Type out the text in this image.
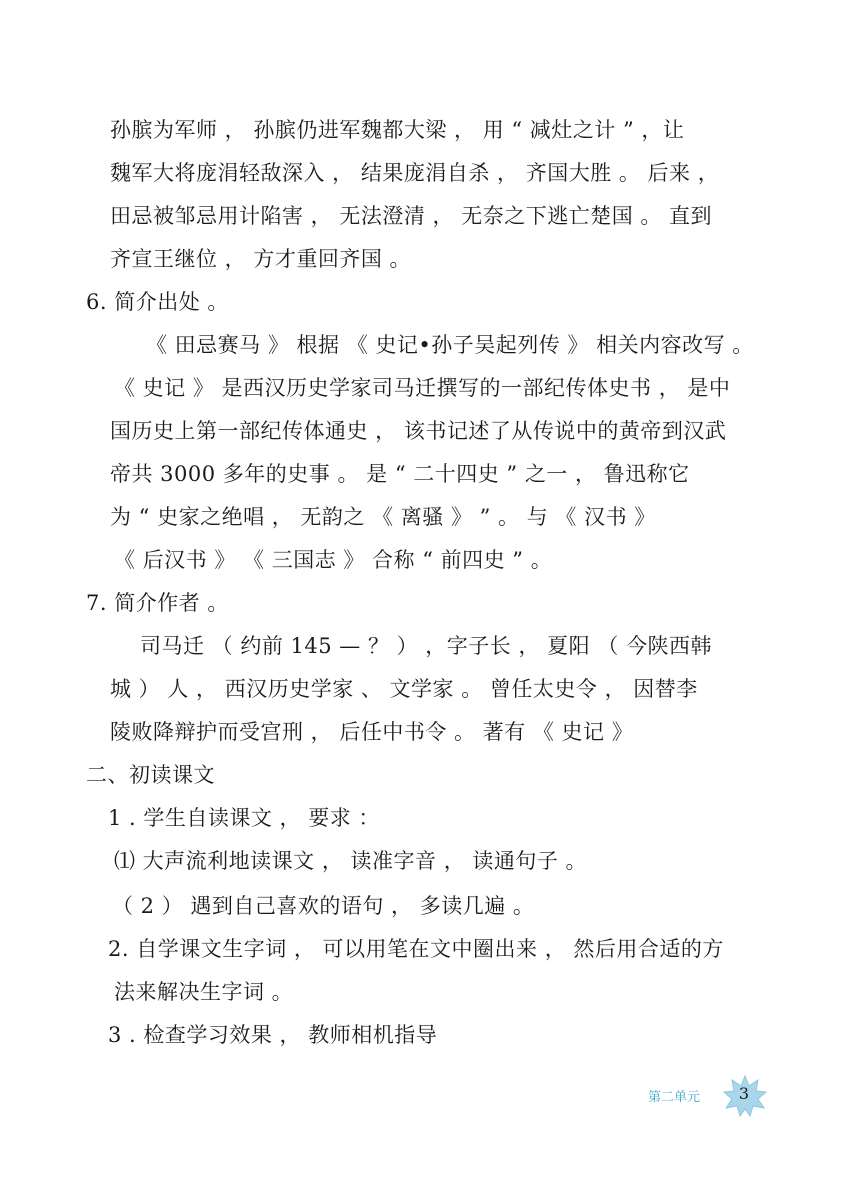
孙膑为军师 ， 孙膑仍进军魏都大梁 ， 用 “ 减灶之计 ” ，让
魏军大将庞涓轻敌深入 ， 结果庞涓自杀 ， 齐国大胜 。 后来 ，
田忌被邹忌用计陷害 ， 无法澄清 ， 无奈之下逃亡楚国 。 直到
齐宣王继位 ， 方才重回齐国 。
6. 简介出处 。
《 田忌赛马 》 根据 《 史记•孙子吴起列传 》 相关内容改写 。
《 史记 》 是西汉历史学家司马迁撰写的一部纪传体史书 ， 是中
国历史上第一部纪传体通史 ， 该书记述了从传说中的黄帝到汉武
帝共 3000 多年的史事 。 是 “ 二十四史 ” 之一 ， 鲁迅称它
为 “ 史家之绝唱 ， 无韵之 《 离骚 》 ” 。 与 《 汉书 》
《 后汉书 》 《 三国志 》 合称 “ 前四史 ” 。
7. 简介作者 。
司马迁 （ 约前 145 — ？ ） ，字子长 ， 夏阳 （ 今陕西韩
城 ） 人 ， 西汉历史学家 、 文学家 。 曾任太史令 ， 因替李
陵败降辩护而受宫刑 ， 后任中书令 。 著有 《 史记 》
二、初读课文
1 . 学生自读课文 ， 要求 ：
⑴ 大声流利地读课文 ， 读准字音 ， 读通句子 。
（ 2 ） 遇到自己喜欢的语句 ， 多读几遍 。
2. 自学课文生字词 ， 可以用笔在文中圈出来 ， 然后用合适的方
法来解决生字词 。
3 . 检查学习效果 ， 教师相机指导
第二单元	3
